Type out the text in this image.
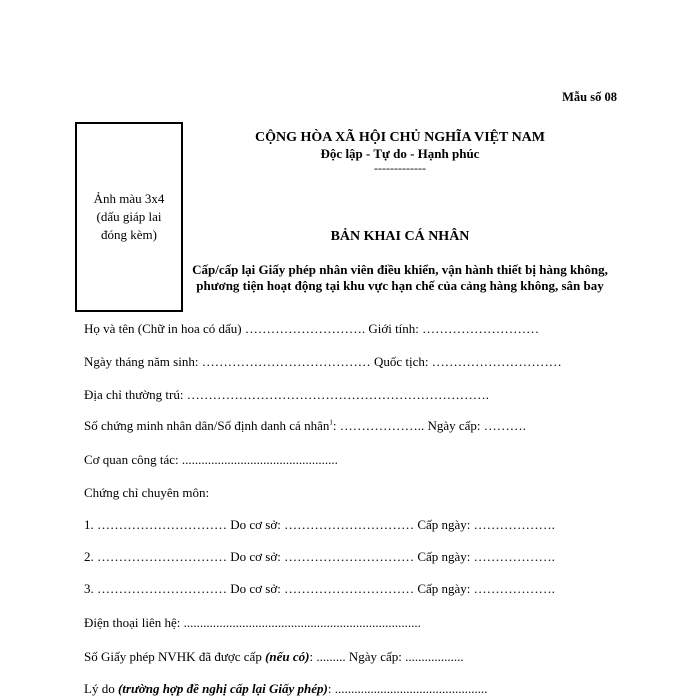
Mẫu số 08
Ảnh màu 3x4
(dấu giáp lai
đóng kèm)
CỘNG HÒA XÃ HỘI CHỦ NGHĨA VIỆT NAM
Độc lập - Tự do - Hạnh phúc
-------------
BẢN KHAI CÁ NHÂN
Cấp/cấp lại Giấy phép nhân viên điều khiển, vận hành thiết bị hàng không, phương tiện hoạt động tại khu vực hạn chế của cảng hàng không, sân bay
Họ và tên (Chữ in hoa có dấu) ………………………. Giới tính: ………………………
Ngày tháng năm sinh: ………………………………… Quốc tịch: …………………………
Địa chỉ thường trú: …………………………………………………………….
Số chứng minh nhân dân/Số định danh cá nhân$^1$: ……………….. Ngày cấp: ……….
Cơ quan công tác: ................................................
Chứng chỉ chuyên môn:
1. ………………………… Do cơ sở: ………………………… Cấp ngày: ……………….
2. ………………………… Do cơ sở: ………………………… Cấp ngày: ……………….
3. ………………………… Do cơ sở: ………………………… Cấp ngày: ……………….
Điện thoại liên hệ: .........................................................................
Số Giấy phép NVHK đã được cấp (nếu có): ......... Ngày cấp: ..................
Lý do (trường hợp đề nghị cấp lại Giấy phép): ...............................................
